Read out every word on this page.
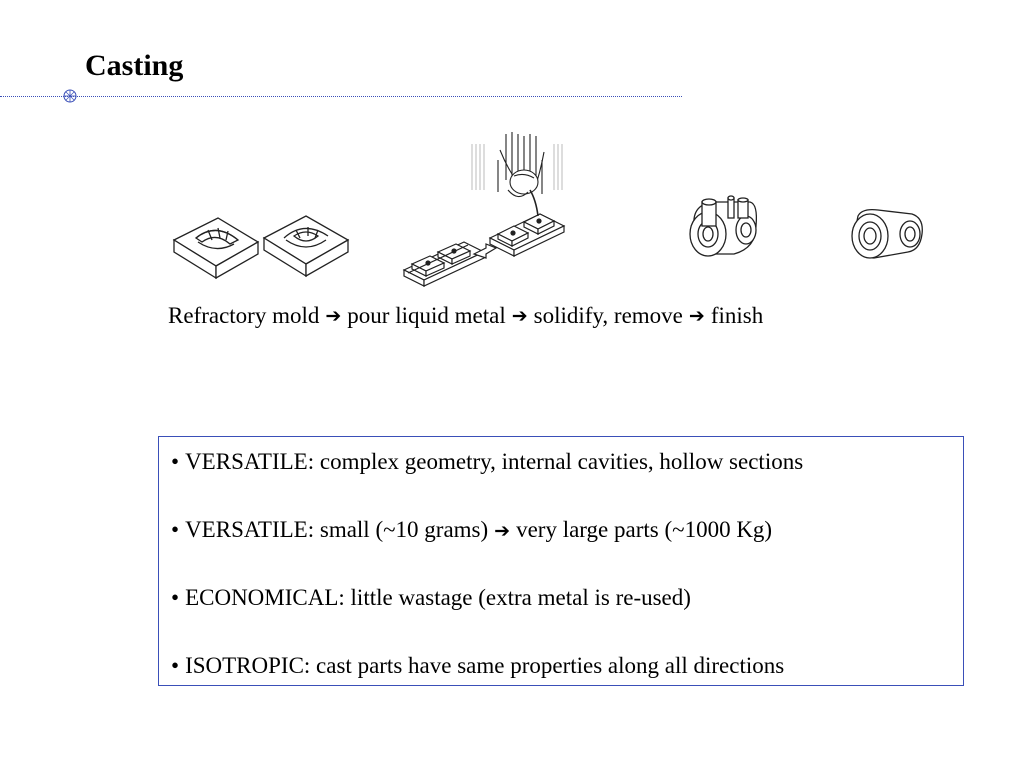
Casting
Refractory mold ➔ pour liquid metal ➔ solidify, remove ➔ finish
• VERSATILE: complex geometry, internal cavities, hollow sections
• VERSATILE: small (~10 grams) ➔ very large parts (~1000 Kg)
• ECONOMICAL: little wastage (extra metal is re-used)
• ISOTROPIC: cast parts have same properties along all directions
